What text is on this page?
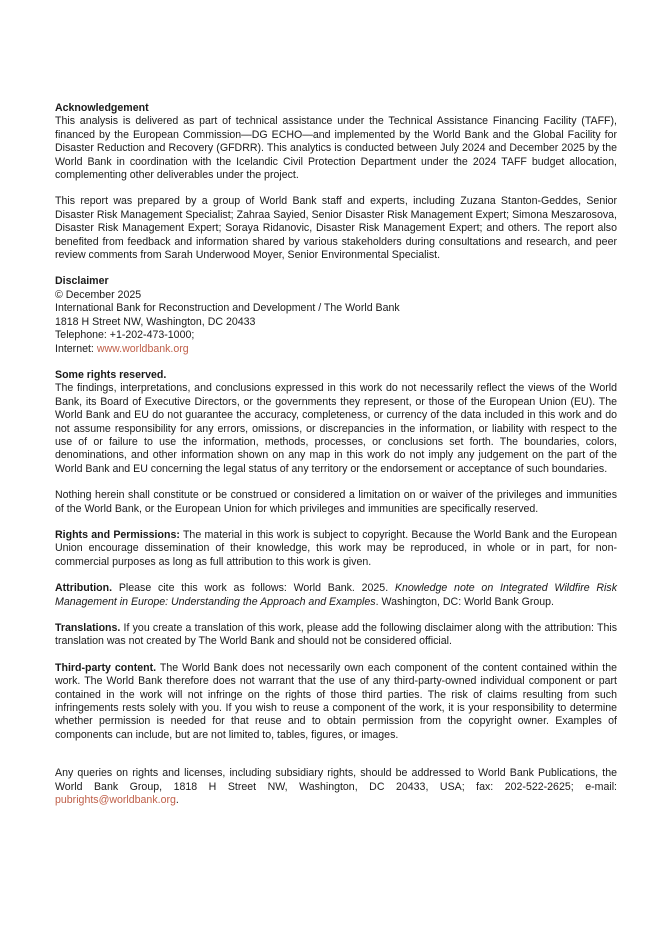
Acknowledgement

This analysis is delivered as part of technical assistance under the Technical Assistance Financing Facility (TAFF), financed by the European Commission—DG ECHO—and implemented by the World Bank and the Global Facility for Disaster Reduction and Recovery (GFDRR). This analytics is conducted between July 2024 and December 2025 by the World Bank in coordination with the Icelandic Civil Protection Department under the 2024 TAFF budget allocation, complementing other deliverables under the project.

This report was prepared by a group of World Bank staff and experts, including Zuzana Stanton-Geddes, Senior Disaster Risk Management Specialist; Zahraa Sayied, Senior Disaster Risk Management Expert; Simona Meszarosova, Disaster Risk Management Expert; Soraya Ridanovic, Disaster Risk Management Expert; and others. The report also benefited from feedback and information shared by various stakeholders during consultations and research, and peer review comments from Sarah Underwood Moyer, Senior Environmental Specialist.

Disclaimer

© December 2025

International Bank for Reconstruction and Development / The World Bank

1818 H Street NW, Washington, DC 20433

Telephone: +1-202-473-1000;

Internet: www.worldbank.org

Some rights reserved.

The findings, interpretations, and conclusions expressed in this work do not necessarily reflect the views of the World Bank, its Board of Executive Directors, or the governments they represent, or those of the European Union (EU). The World Bank and EU do not guarantee the accuracy, completeness, or currency of the data included in this work and do not assume responsibility for any errors, omissions, or discrepancies in the information, or liability with respect to the use of or failure to use the information, methods, processes, or conclusions set forth. The boundaries, colors, denominations, and other information shown on any map in this work do not imply any judgement on the part of the World Bank and EU concerning the legal status of any territory or the endorsement or acceptance of such boundaries.

Nothing herein shall constitute or be construed or considered a limitation on or waiver of the privileges and immunities of the World Bank, or the European Union for which privileges and immunities are specifically reserved.

Rights and Permissions: The material in this work is subject to copyright. Because the World Bank and the European Union encourage dissemination of their knowledge, this work may be reproduced, in whole or in part, for non-commercial purposes as long as full attribution to this work is given.

Attribution. Please cite this work as follows: World Bank. 2025. Knowledge note on Integrated Wildfire Risk Management in Europe: Understanding the Approach and Examples. Washington, DC: World Bank Group.

Translations. If you create a translation of this work, please add the following disclaimer along with the attribution: This translation was not created by The World Bank and should not be considered official.

Third-party content. The World Bank does not necessarily own each component of the content contained within the work. The World Bank therefore does not warrant that the use of any third-party-owned individual component or part contained in the work will not infringe on the rights of those third parties. The risk of claims resulting from such infringements rests solely with you. If you wish to reuse a component of the work, it is your responsibility to determine whether permission is needed for that reuse and to obtain permission from the copyright owner. Examples of components can include, but are not limited to, tables, figures, or images.

Any queries on rights and licenses, including subsidiary rights, should be addressed to World Bank Publications, the World Bank Group, 1818 H Street NW, Washington, DC 20433, USA; fax: 202-522-2625; e-mail: pubrights@worldbank.org.
